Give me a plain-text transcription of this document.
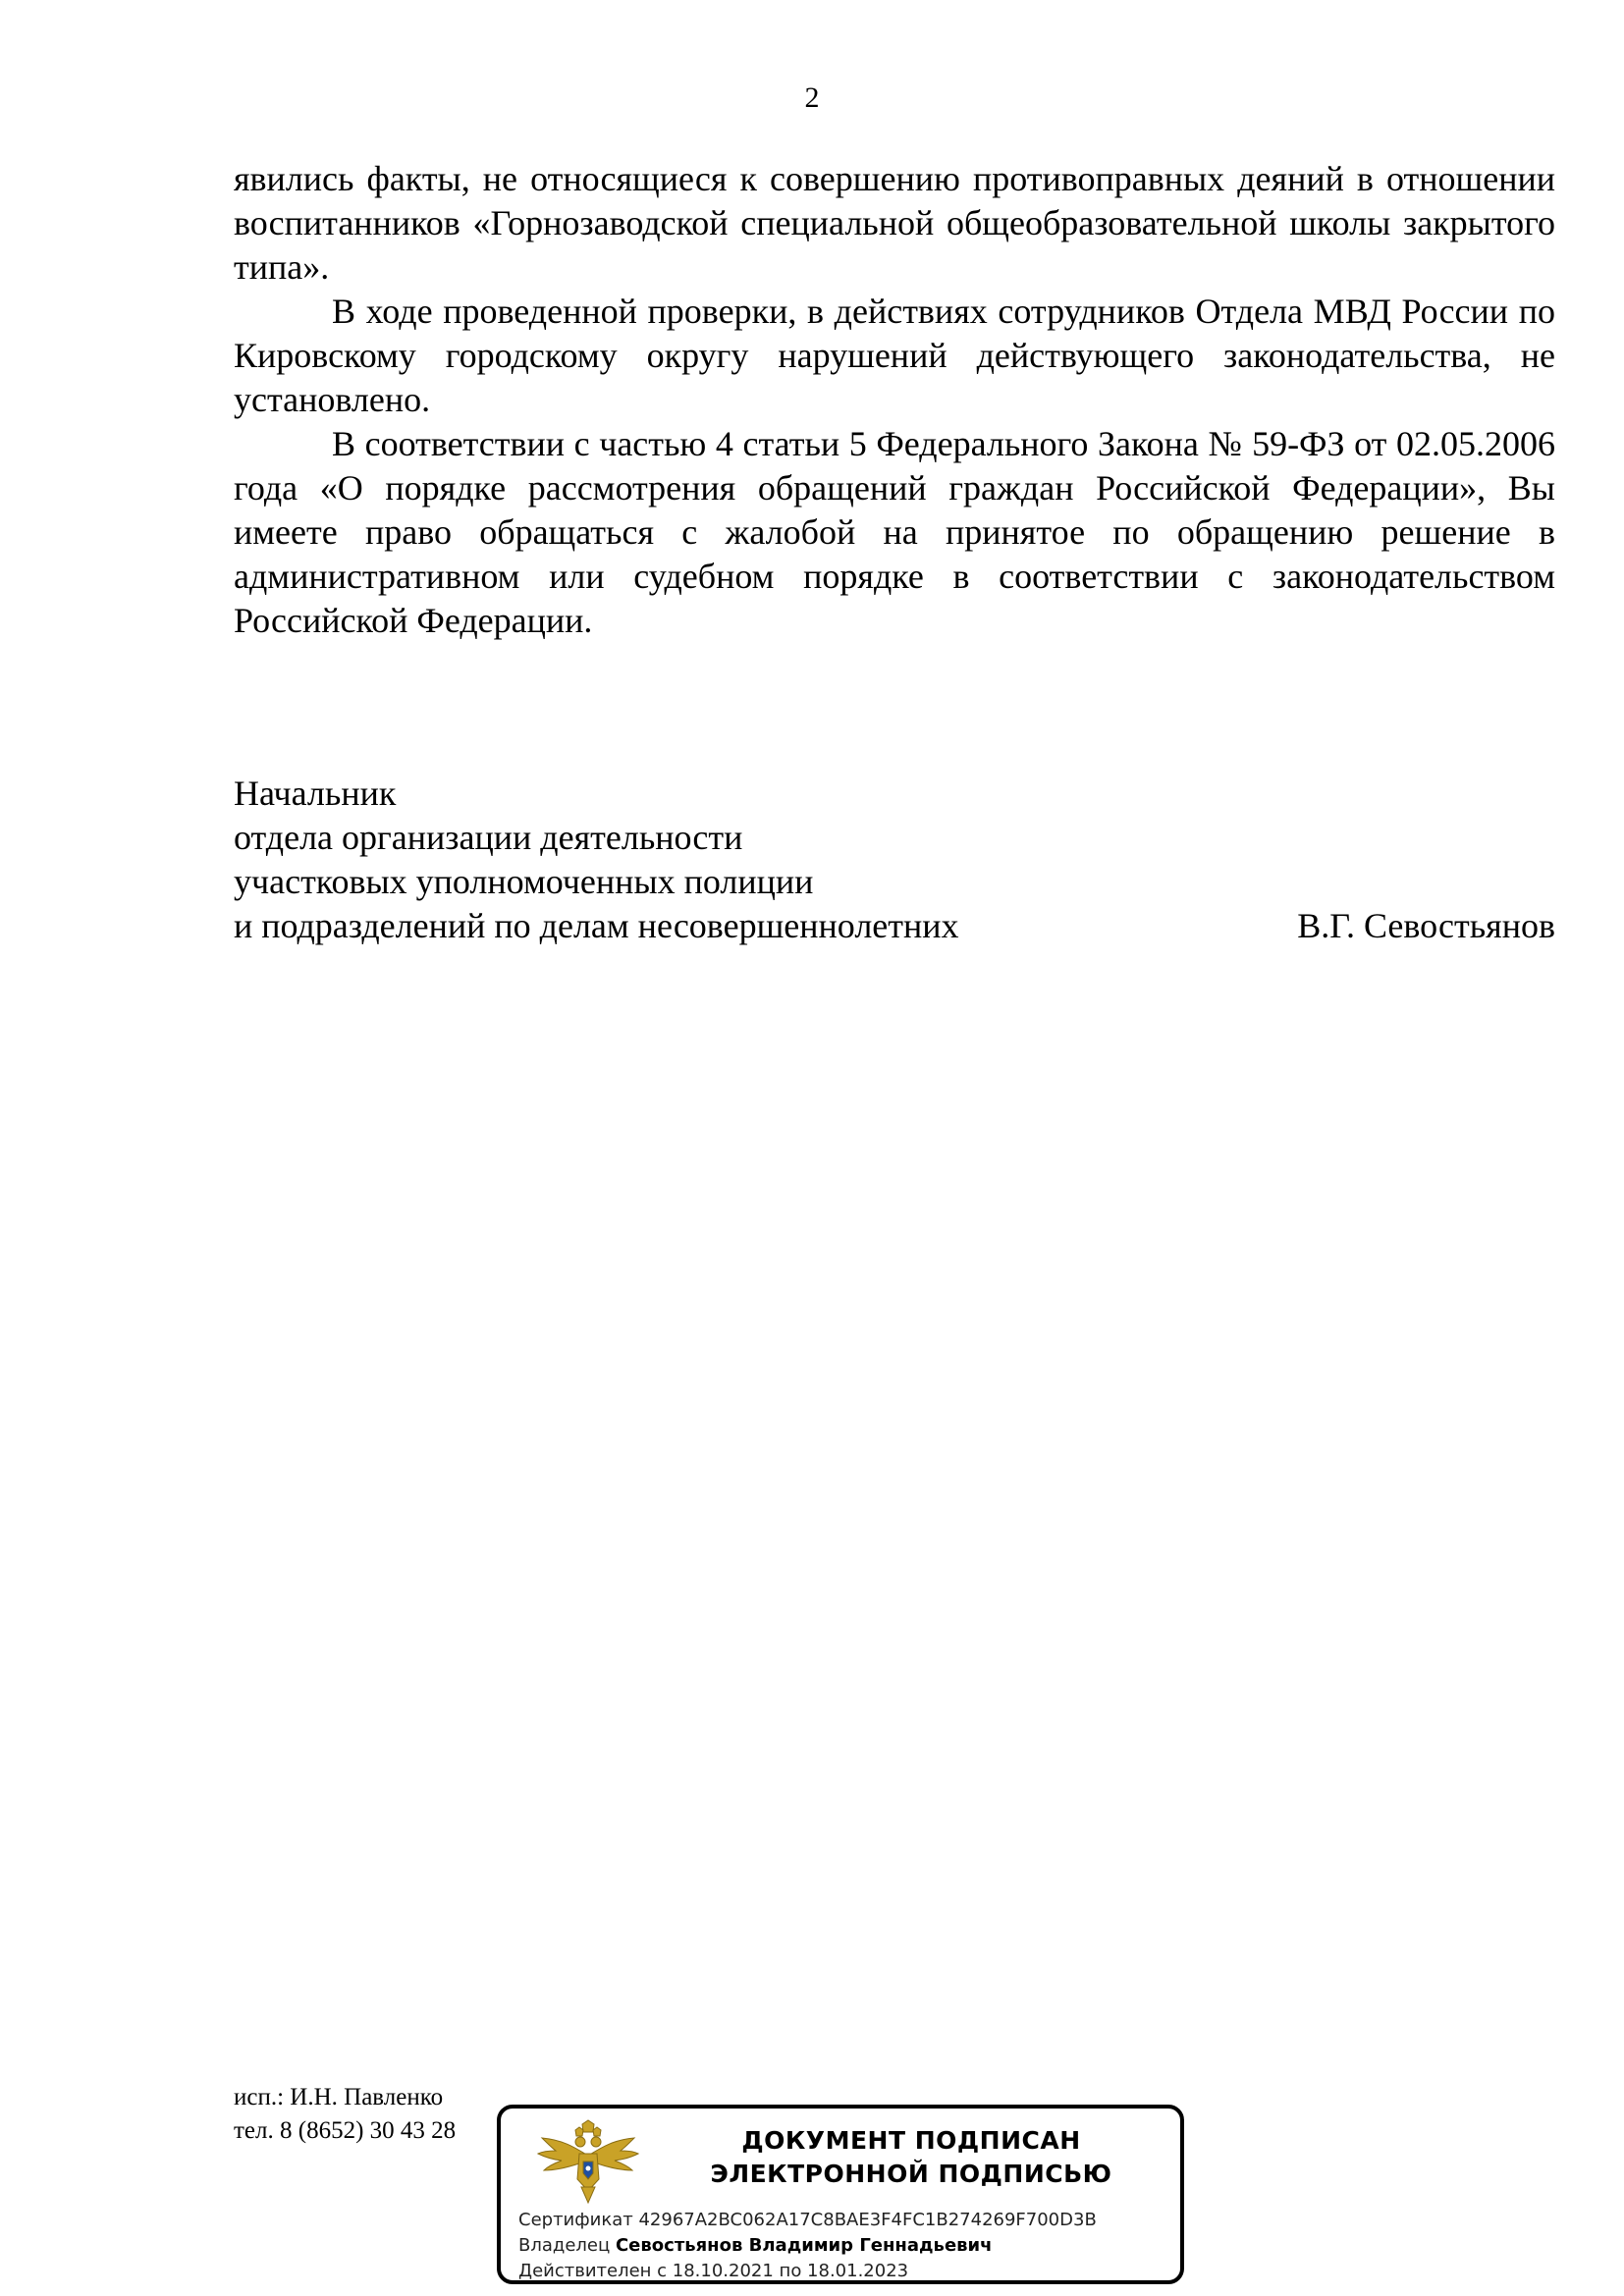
2

явились факты, не относящиеся к совершению противоправных деяний в отношении воспитанников «Горнозаводской специальной общеобразовательной школы закрытого типа».

В ходе проведенной проверки, в действиях сотрудников Отдела МВД России по Кировскому городскому округу нарушений действующего законодательства, не установлено.

В соответствии с частью 4 статьи 5 Федерального Закона № 59-ФЗ от 02.05.2006 года «О порядке рассмотрения обращений граждан Российской Федерации», Вы имеете право обращаться с жалобой на принятое по обращению решение в административном или судебном порядке в соответствии с законодательством Российской Федерации.

Начальник
отдела организации деятельности
участковых уполномоченных полиции
и подразделений по делам несовершеннолетних	В.Г. Севостьянов
исп.: И.Н. Павленко
тел. 8 (8652) 30 43 28	ДОКУМЕНТ ПОДПИСАН
ЭЛЕКТРОННОЙ ПОДПИСЬЮ
Сертификат 42967A2BC062A17C8BAE3F4FC1B274269F700D3B
Владелец Севостьянов Владимир Геннадьевич
Действителен с 18.10.2021 по 18.01.2023
